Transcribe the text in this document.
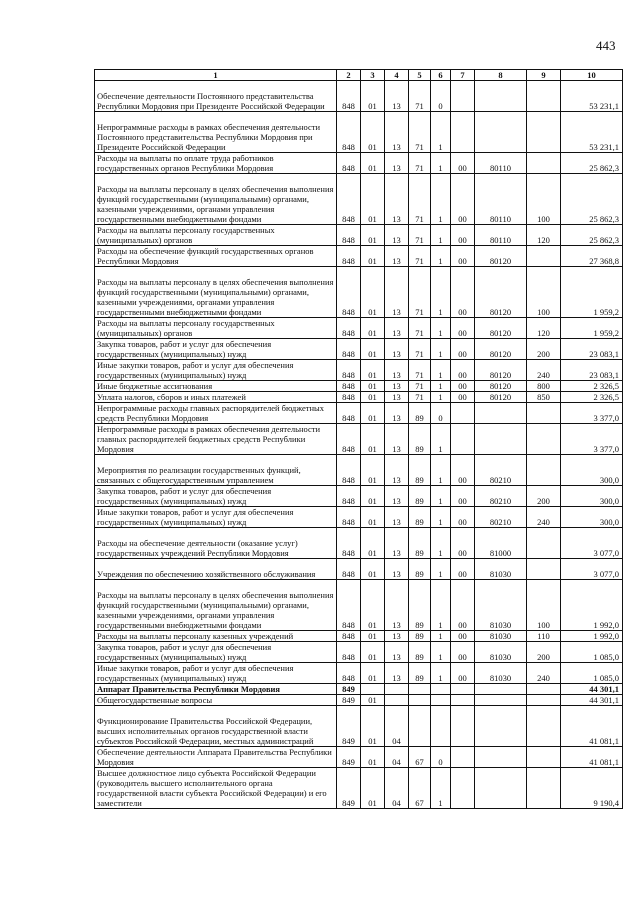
443
1	2	3	4	5	6	7	8	9	10
Обеспечение деятельности Постоянного представительства Республики Мордовия при Президенте Российской Федерации	848	01	13	71	0				53 231,1
Непрограммные расходы в рамках обеспечения деятельности Постоянного представительства Республики Мордовия при Президенте Российской Федерации	848	01	13	71	1				53 231,1
Расходы на выплаты по оплате труда работников государственных органов Республики Мордовия	848	01	13	71	1	00	80110		25 862,3
Расходы на выплаты персоналу в целях обеспечения выполнения функций государственными (муниципальными) органами, казенными учреждениями, органами управления государственными внебюджетными фондами	848	01	13	71	1	00	80110	100	25 862,3
Расходы на выплаты персоналу государственных (муниципальных) органов	848	01	13	71	1	00	80110	120	25 862,3
Расходы на обеспечение функций государственных органов Республики Мордовия	848	01	13	71	1	00	80120		27 368,8
Расходы на выплаты персоналу в целях обеспечения выполнения функций государственными (муниципальными) органами, казенными учреждениями, органами управления государственными внебюджетными фондами	848	01	13	71	1	00	80120	100	1 959,2
Расходы на выплаты персоналу государственных (муниципальных) органов	848	01	13	71	1	00	80120	120	1 959,2
Закупка товаров, работ и услуг для обеспечения государственных (муниципальных) нужд	848	01	13	71	1	00	80120	200	23 083,1
Иные закупки товаров, работ и услуг для обеспечения государственных (муниципальных) нужд	848	01	13	71	1	00	80120	240	23 083,1
Иные бюджетные ассигнования	848	01	13	71	1	00	80120	800	2 326,5
Уплата налогов, сборов и иных платежей	848	01	13	71	1	00	80120	850	2 326,5
Непрограммные расходы главных распорядителей бюджетных средств Республики Мордовия	848	01	13	89	0				3 377,0
Непрограммные расходы в рамках обеспечения деятельности главных распорядителей бюджетных средств Республики Мордовия	848	01	13	89	1				3 377,0
Мероприятия по реализации государственных функций, связанных с общегосударственным управлением	848	01	13	89	1	00	80210		300,0
Закупка товаров, работ и услуг для обеспечения государственных (муниципальных) нужд	848	01	13	89	1	00	80210	200	300,0
Иные закупки товаров, работ и услуг для обеспечения государственных (муниципальных) нужд	848	01	13	89	1	00	80210	240	300,0
Расходы на обеспечение деятельности (оказание услуг) государственных учреждений Республики Мордовия	848	01	13	89	1	00	81000		3 077,0
Учреждения по обеспечению хозяйственного обслуживания	848	01	13	89	1	00	81030		3 077,0
Расходы на выплаты персоналу в целях обеспечения выполнения функций государственными (муниципальными) органами, казенными учреждениями, органами управления государственными внебюджетными фондами	848	01	13	89	1	00	81030	100	1 992,0
Расходы на выплаты персоналу казенных учреждений	848	01	13	89	1	00	81030	110	1 992,0
Закупка товаров, работ и услуг для обеспечения государственных (муниципальных) нужд	848	01	13	89	1	00	81030	200	1 085,0
Иные закупки товаров, работ и услуг для обеспечения государственных (муниципальных) нужд	848	01	13	89	1	00	81030	240	1 085,0
Аппарат Правительства Республики Мордовия	849								44 301,1
Общегосударственные вопросы	849	01							44 301,1
Функционирование Правительства Российской Федерации, высших исполнительных органов государственной власти субъектов Российской Федерации, местных администраций	849	01	04						41 081,1
Обеспечение деятельности Аппарата Правительства Республики Мордовия	849	01	04	67	0				41 081,1
Высшее должностное лицо субъекта Российской Федерации (руководитель высшего исполнительного органа государственной власти субъекта Российской Федерации) и его заместители	849	01	04	67	1				9 190,4
